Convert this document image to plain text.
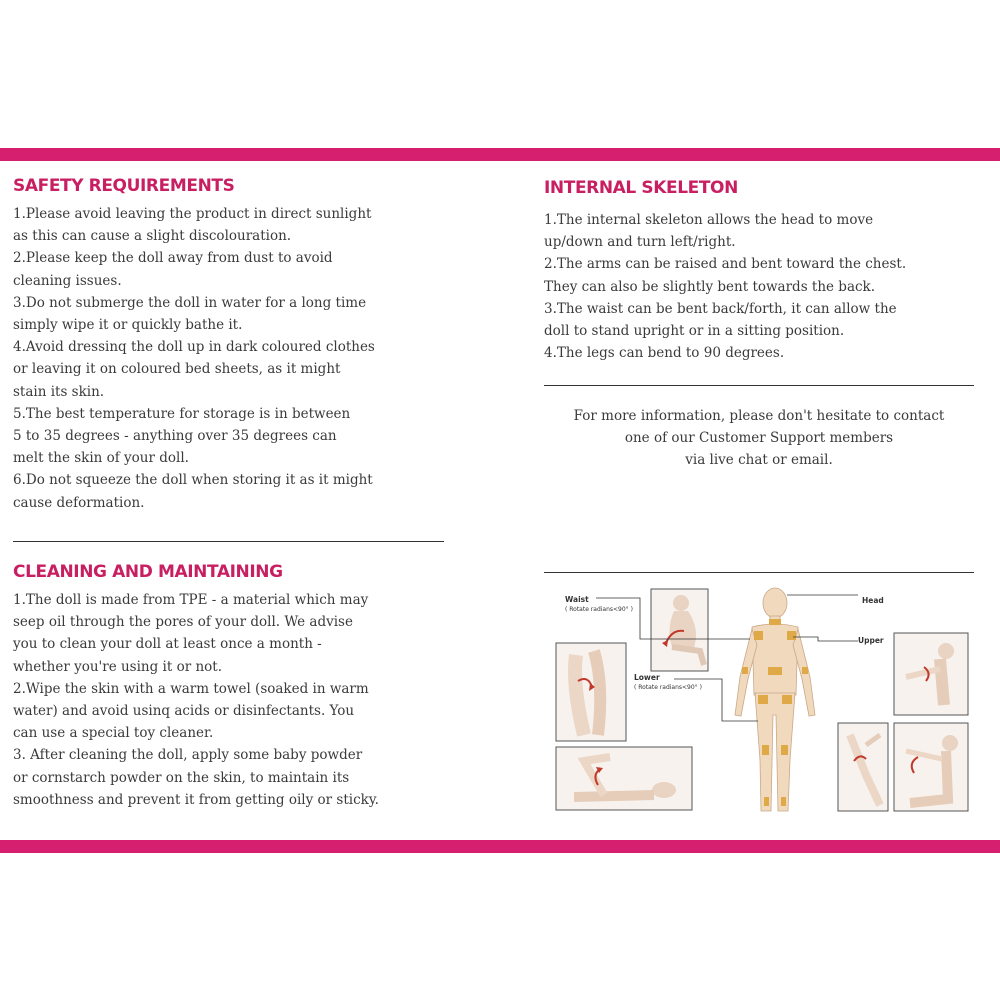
SAFETY REQUIREMENTS
1.Please avoid leaving the product in direct sunlight
as this can cause a slight discolouration.
2.Please keep the doll away from dust to avoid
cleaning issues.
3.Do not submerge the doll in water for a long time
simply wipe it or quickly bathe it.
4.Avoid dressinq the doll up in dark coloured clothes
or leaving it on coloured bed sheets, as it might
stain its skin.
5.The best temperature for storage is in between
5 to 35 degrees - anything over 35 degrees can
melt the skin of your doll.
6.Do not squeeze the doll when storing it as it might
cause deformation.
CLEANING AND MAINTAINING
1.The doll is made from TPE - a material which may
seep oil through the pores of your doll. We advise
you to clean your doll at least once a month -
whether you're using it or not.
2.Wipe the skin with a warm towel (soaked in warm
water) and avoid usinq acids or disinfectants. You
can use a special toy cleaner.
3. After cleaning the doll, apply some baby powder
or cornstarch powder on the skin, to maintain its
smoothness and prevent it from getting oily or sticky.
INTERNAL SKELETON
1.The internal skeleton allows the head to move
up/down and turn left/right.
2.The arms can be raised and bent toward the chest.
They can also be slightly bent towards the back.
3.The waist can be bent back/forth, it can allow the
doll to stand upright or in a sitting position.
4.The legs can bend to 90 degrees.
For more information, please don't hesitate to contact
one of our Customer Support members
via live chat or email.
Waist
( Rotate radians<90° )
Lower
( Rotate radians<90° )
Head
Upper
